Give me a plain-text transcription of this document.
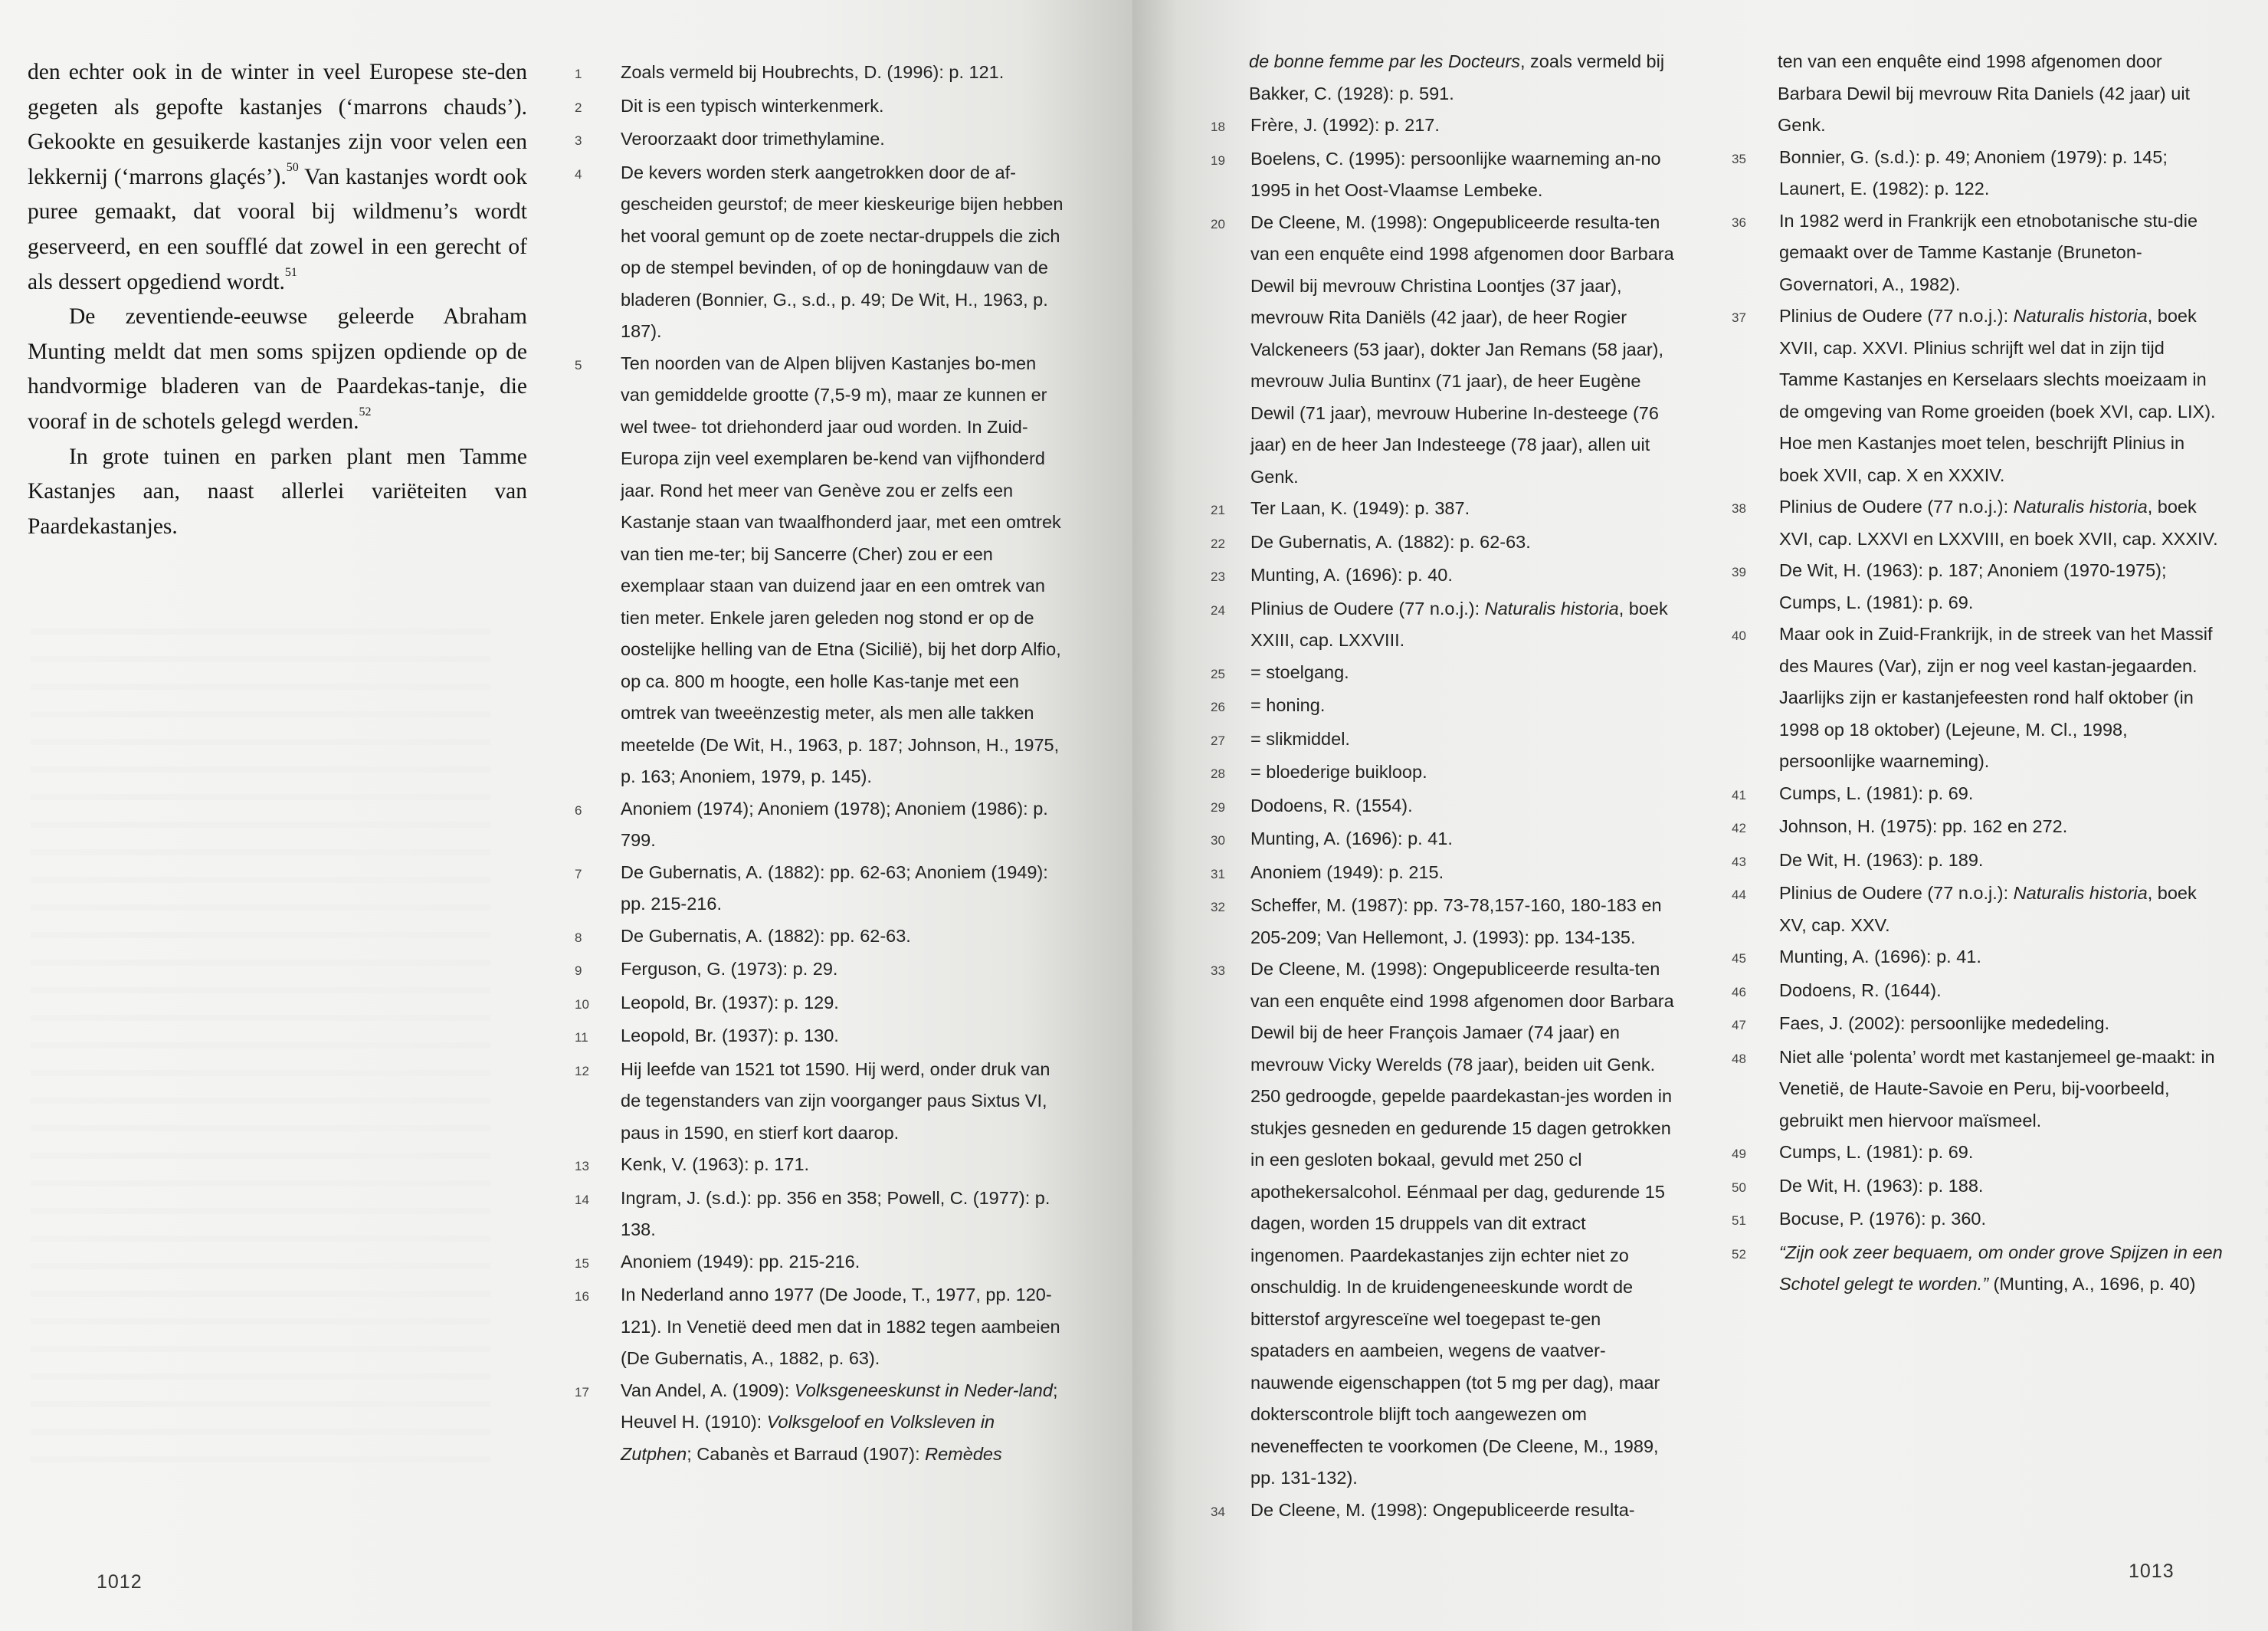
den echter ook in de winter in veel Europese ste-den gegeten als gepofte kastanjes (‘marrons chauds’). Gekookte en gesuikerde kastanjes zijn voor velen een lekkernij (‘marrons glaçés’).$^{50}$ Van kastanjes wordt ook puree gemaakt, dat vooral bij wildmenu’s wordt geserveerd, en een soufflé dat zowel in een gerecht of als dessert opgediend wordt.$^{51}$

De zeventiende-eeuwse geleerde Abraham Munting meldt dat men soms spijzen opdiende op de handvormige bladeren van de Paardekas-tanje, die vooraf in de schotels gelegd werden.$^{52}$

In grote tuinen en parken plant men Tamme Kastanjes aan, naast allerlei variëteiten van Paardekastanjes.

1	Zoals vermeld bij Houbrechts, D. (1996): p. 121.
2	Dit is een typisch winterkenmerk.
3	Veroorzaakt door trimethylamine.
4	De kevers worden sterk aangetrokken door de af-gescheiden geurstof; de meer kieskeurige bijen hebben het vooral gemunt op de zoete nectar-druppels die zich op de stempel bevinden, of op de honingdauw van de bladeren (Bonnier, G., s.d., p. 49; De Wit, H., 1963, p. 187).
5	Ten noorden van de Alpen blijven Kastanjes bo-men van gemiddelde grootte (7,5-9 m), maar ze kunnen er wel twee- tot driehonderd jaar oud worden. In Zuid-Europa zijn veel exemplaren be-kend van vijfhonderd jaar. Rond het meer van Genève zou er zelfs een Kastanje staan van twaalfhonderd jaar, met een omtrek van tien me-ter; bij Sancerre (Cher) zou er een exemplaar staan van duizend jaar en een omtrek van tien meter. Enkele jaren geleden nog stond er op de oostelijke helling van de Etna (Sicilië), bij het dorp Alfio, op ca. 800 m hoogte, een holle Kas-tanje met een omtrek van tweeënzestig meter, als men alle takken meetelde (De Wit, H., 1963, p. 187; Johnson, H., 1975, p. 163; Anoniem, 1979, p. 145).
6	Anoniem (1974); Anoniem (1978); Anoniem (1986): p. 799.
7	De Gubernatis, A. (1882): pp. 62-63; Anoniem (1949): pp. 215-216.
8	De Gubernatis, A. (1882): pp. 62-63.
9	Ferguson, G. (1973): p. 29.
10	Leopold, Br. (1937): p. 129.
11	Leopold, Br. (1937): p. 130.
12	Hij leefde van 1521 tot 1590. Hij werd, onder druk van de tegenstanders van zijn voorganger paus Sixtus VI, paus in 1590, en stierf kort daarop.
13	Kenk, V. (1963): p. 171.
14	Ingram, J. (s.d.): pp. 356 en 358; Powell, C. (1977): p. 138.
15	Anoniem (1949): pp. 215-216.
16	In Nederland anno 1977 (De Joode, T., 1977, pp. 120-121). In Venetië deed men dat in 1882 tegen aambeien (De Gubernatis, A., 1882, p. 63).
17	Van Andel, A. (1909): Volksgeneeskunst in Neder-land; Heuvel H. (1910): Volksgeloof en Volksleven in Zutphen; Cabanès et Barraud (1907): Remèdes
1012
de bonne femme par les Docteurs, zoals vermeld bij Bakker, C. (1928): p. 591.
18	Frère, J. (1992): p. 217.
19	Boelens, C. (1995): persoonlijke waarneming an-no 1995 in het Oost-Vlaamse Lembeke.
20	De Cleene, M. (1998): Ongepubliceerde resulta-ten van een enquête eind 1998 afgenomen door Barbara Dewil bij mevrouw Christina Loontjes (37 jaar), mevrouw Rita Daniëls (42 jaar), de heer Rogier Valckeneers (53 jaar), dokter Jan Remans (58 jaar), mevrouw Julia Buntinx (71 jaar), de heer Eugène Dewil (71 jaar), mevrouw Huberine In-desteege (76 jaar) en de heer Jan Indesteege (78 jaar), allen uit Genk.
21	Ter Laan, K. (1949): p. 387.
22	De Gubernatis, A. (1882): p. 62-63.
23	Munting, A. (1696): p. 40.
24	Plinius de Oudere (77 n.o.j.): Naturalis historia, boek XXIII, cap. LXXVIII.
25	= stoelgang.
26	= honing.
27	= slikmiddel.
28	= bloederige buikloop.
29	Dodoens, R. (1554).
30	Munting, A. (1696): p. 41.
31	Anoniem (1949): p. 215.
32	Scheffer, M. (1987): pp. 73-78,157-160, 180-183 en 205-209; Van Hellemont, J. (1993): pp. 134-135.
33	De Cleene, M. (1998): Ongepubliceerde resulta-ten van een enquête eind 1998 afgenomen door Barbara Dewil bij de heer François Jamaer (74 jaar) en mevrouw Vicky Werelds (78 jaar), beiden uit Genk. 250 gedroogde, gepelde paardekastan-jes worden in stukjes gesneden en gedurende 15 dagen getrokken in een gesloten bokaal, gevuld met 250 cl apothekersalcohol. Eénmaal per dag, gedurende 15 dagen, worden 15 druppels van dit extract ingenomen. Paardekastanjes zijn echter niet zo onschuldig. In de kruidengeneeskunde wordt de bitterstof argyresceïne wel toegepast te-gen spataders en aambeien, wegens de vaatver-nauwende eigenschappen (tot 5 mg per dag), maar dokterscontrole blijft toch aangewezen om neveneffecten te voorkomen (De Cleene, M., 1989, pp. 131-132).
34	De Cleene, M. (1998): Ongepubliceerde resulta-
ten van een enquête eind 1998 afgenomen door Barbara Dewil bij mevrouw Rita Daniels (42 jaar) uit Genk.
35	Bonnier, G. (s.d.): p. 49; Anoniem (1979): p. 145; Launert, E. (1982): p. 122.
36	In 1982 werd in Frankrijk een etnobotanische stu-die gemaakt over de Tamme Kastanje (Bruneton-Governatori, A., 1982).
37	Plinius de Oudere (77 n.o.j.): Naturalis historia, boek XVII, cap. XXVI. Plinius schrijft wel dat in zijn tijd Tamme Kastanjes en Kerselaars slechts moeizaam in de omgeving van Rome groeiden (boek XVI, cap. LIX). Hoe men Kastanjes moet telen, beschrijft Plinius in boek XVII, cap. X en XXXIV.
38	Plinius de Oudere (77 n.o.j.): Naturalis historia, boek XVI, cap. LXXVI en LXXVIII, en boek XVII, cap. XXXIV.
39	De Wit, H. (1963): p. 187; Anoniem (1970-1975); Cumps, L. (1981): p. 69.
40	Maar ook in Zuid-Frankrijk, in de streek van het Massif des Maures (Var), zijn er nog veel kastan-jegaarden. Jaarlijks zijn er kastanjefeesten rond half oktober (in 1998 op 18 oktober) (Lejeune, M. Cl., 1998, persoonlijke waarneming).
41	Cumps, L. (1981): p. 69.
42	Johnson, H. (1975): pp. 162 en 272.
43	De Wit, H. (1963): p. 189.
44	Plinius de Oudere (77 n.o.j.): Naturalis historia, boek XV, cap. XXV.
45	Munting, A. (1696): p. 41.
46	Dodoens, R. (1644).
47	Faes, J. (2002): persoonlijke mededeling.
48	Niet alle ‘polenta’ wordt met kastanjemeel ge-maakt: in Venetië, de Haute-Savoie en Peru, bij-voorbeeld, gebruikt men hiervoor maïsmeel.
49	Cumps, L. (1981): p. 69.
50	De Wit, H. (1963): p. 188.
51	Bocuse, P. (1976): p. 360.
52	“Zijn ook zeer bequaem, om onder grove Spijzen in een Schotel gelegt te worden.” (Munting, A., 1696, p. 40)
1013
